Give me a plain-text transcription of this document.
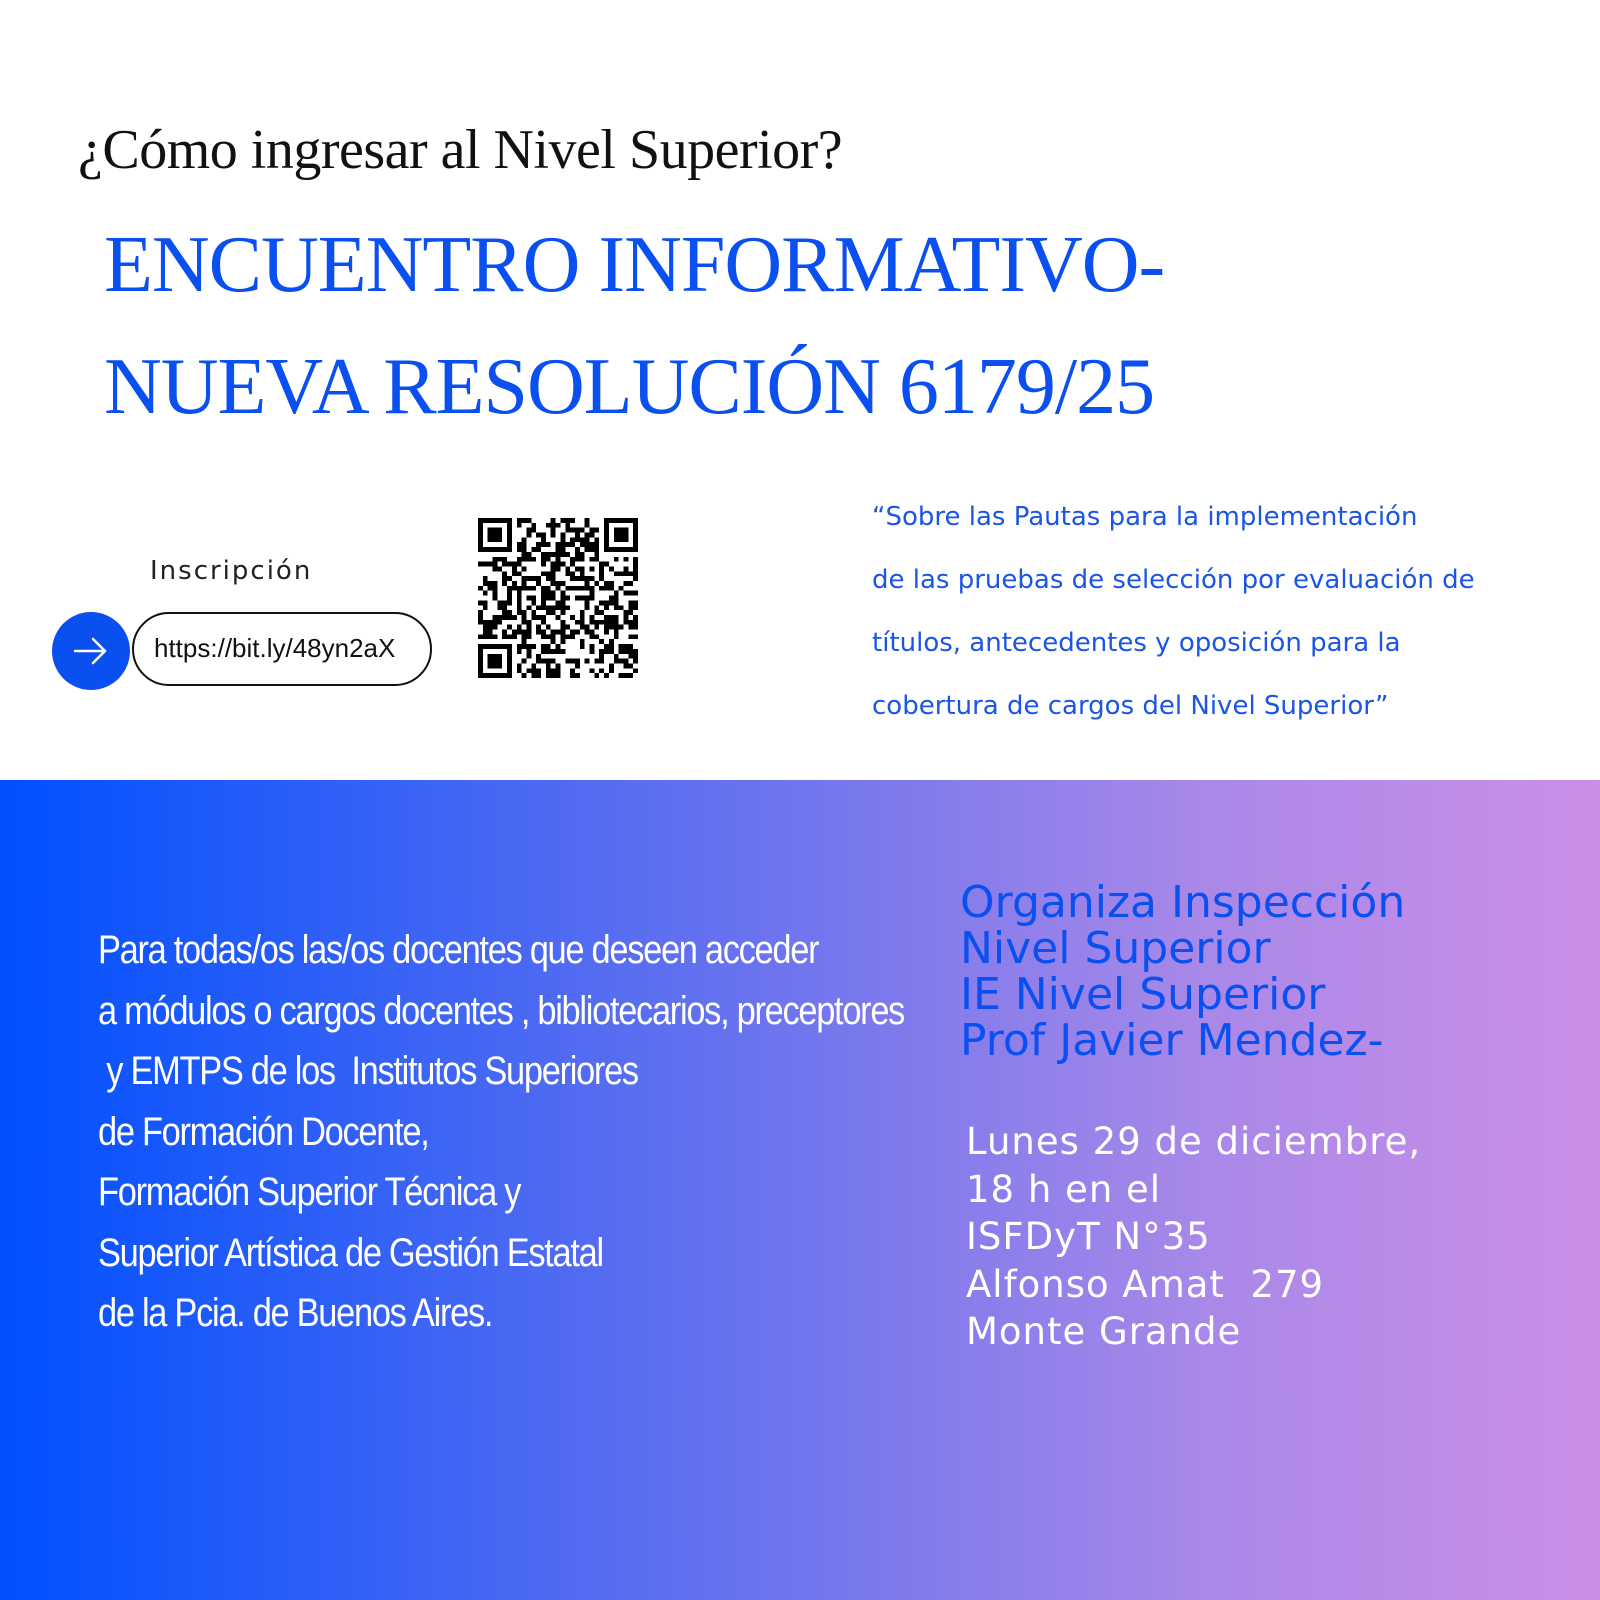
¿Cómo ingresar al Nivel Superior?
ENCUENTRO INFORMATIVO-
NUEVA RESOLUCIÓN 6179/25
Inscripción
https://bit.ly/48yn2aX
“Sobre las Pautas para la implementación
de las pruebas de selección por evaluación de
títulos, antecedentes y oposición para la
cobertura de cargos del Nivel Superior”
Para todas/os las/os docentes que deseen acceder
a módulos o cargos docentes , bibliotecarios, preceptores
y EMTPS de los  Institutos Superiores
de Formación Docente,
Formación Superior Técnica y
Superior Artística de Gestión Estatal
de la Pcia. de Buenos Aires.
Organiza Inspección
Nivel Superior
IE Nivel Superior
Prof Javier Mendez-
Lunes 29 de diciembre,
18 h en el
ISFDyT N°35
Alfonso Amat  279
Monte Grande
